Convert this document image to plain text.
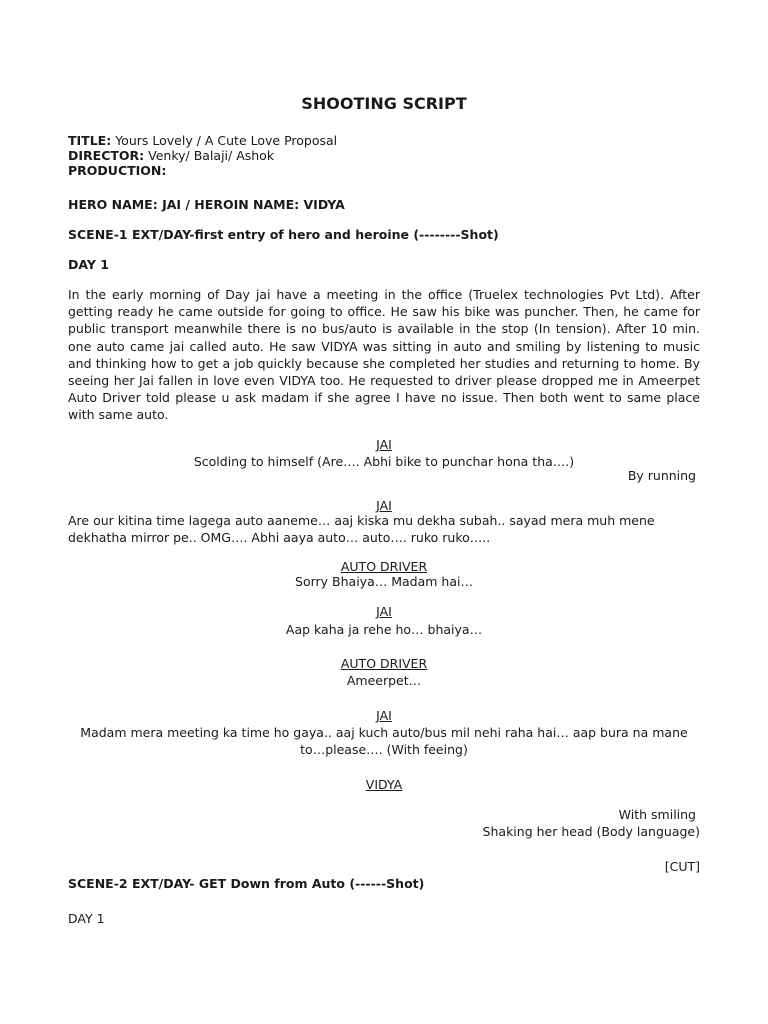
SHOOTING SCRIPT
TITLE: Yours Lovely / A Cute Love Proposal
DIRECTOR: Venky/ Balaji/ Ashok
PRODUCTION:
HERO NAME: JAI / HEROIN NAME: VIDYA
SCENE-1 EXT/DAY-first entry of hero and heroine (--------Shot)
DAY 1
In the early morning of Day jai have a meeting in the office (Truelex technologies Pvt Ltd). After getting ready he came outside for going to office. He saw his bike was puncher. Then, he came for public transport meanwhile there is no bus/auto is available in the stop (In tension). After 10 min. one auto came jai called auto. He saw VIDYA was sitting in auto and smiling by listening to music and thinking how to get a job quickly because she completed her studies and returning to home. By seeing her Jai fallen in love even VIDYA too. He requested to driver please dropped me in Ameerpet Auto Driver told please u ask madam if she agree I have no issue. Then both went to same place with same auto.
JAI
Scolding to himself (Are…. Abhi bike to punchar hona tha….)
By running
JAI
Are our kitina time lagega auto aaneme… aaj kiska mu dekha subah.. sayad mera muh mene dekhatha mirror pe.. OMG…. Abhi aaya auto… auto…. ruko ruko…..
AUTO DRIVER
Sorry Bhaiya… Madam hai…
JAI
Aap kaha ja rehe ho… bhaiya…
AUTO DRIVER
Ameerpet…
JAI
Madam mera meeting ka time ho gaya.. aaj kuch auto/bus mil nehi raha hai… aap bura na mane
to…please…. (With feeing)
VIDYA
With smiling
Shaking her head (Body language)
[CUT]
SCENE-2 EXT/DAY- GET Down from Auto (------Shot)
DAY 1
